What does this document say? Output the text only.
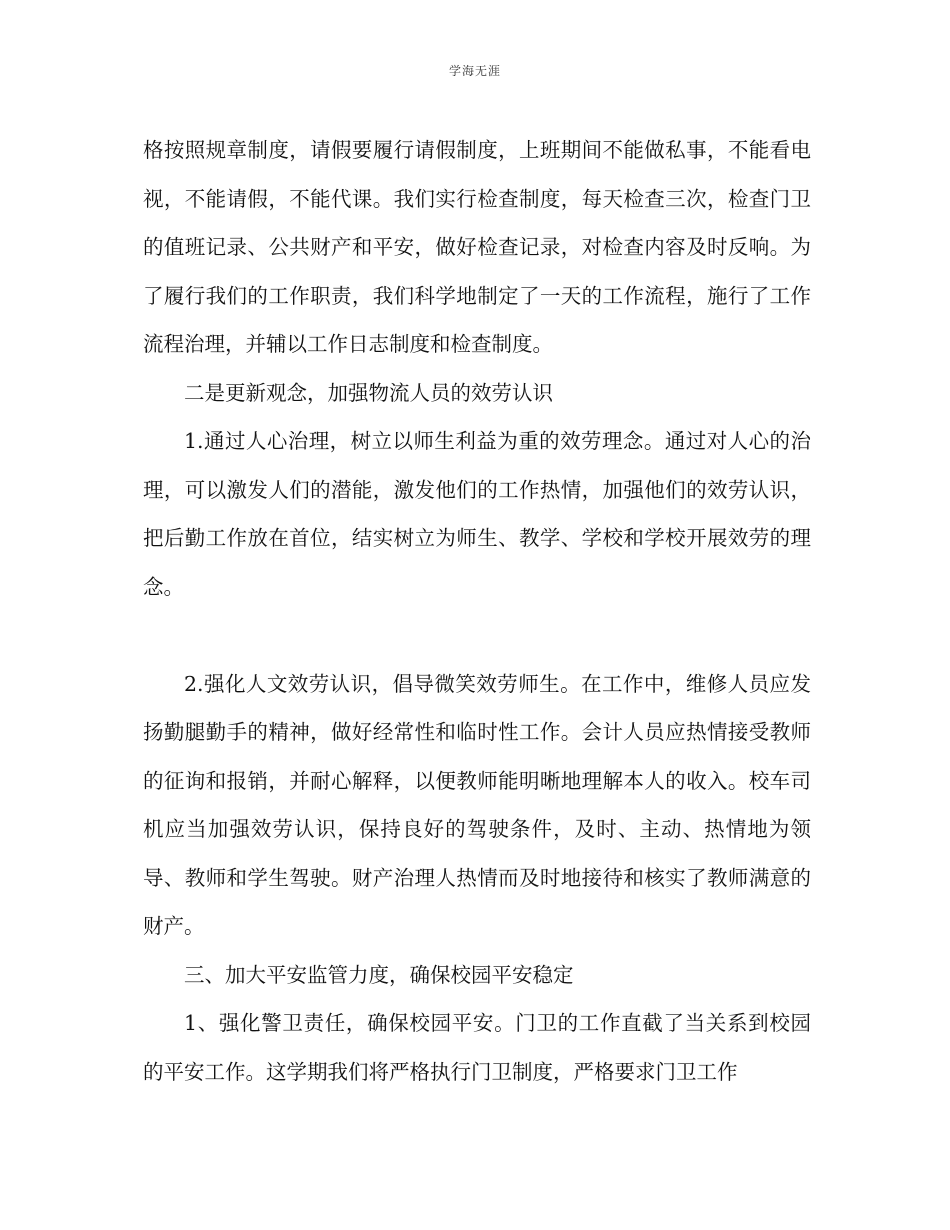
学海无涯

格按照规章制度，请假要履行请假制度，上班期间不能做私事，不能看电视，不能请假，不能代课。我们实行检查制度，每天检查三次，检查门卫的值班记录、公共财产和平安，做好检查记录，对检查内容及时反响。为了履行我们的工作职责，我们科学地制定了一天的工作流程，施行了工作流程治理，并辅以工作日志制度和检查制度。

二是更新观念，加强物流人员的效劳认识

1.通过人心治理，树立以师生利益为重的效劳理念。通过对人心的治理，可以激发人们的潜能，激发他们的工作热情，加强他们的效劳认识，把后勤工作放在首位，结实树立为师生、教学、学校和学校开展效劳的理念。

2.强化人文效劳认识，倡导微笑效劳师生。在工作中，维修人员应发扬勤腿勤手的精神，做好经常性和临时性工作。会计人员应热情接受教师的征询和报销，并耐心解释，以便教师能明晰地理解本人的收入。校车司机应当加强效劳认识，保持良好的驾驶条件，及时、主动、热情地为领导、教师和学生驾驶。财产治理人热情而及时地接待和核实了教师满意的财产。

三、加大平安监管力度，确保校园平安稳定

1、强化警卫责任，确保校园平安。门卫的工作直截了当关系到校园的平安工作。这学期我们将严格执行门卫制度，严格要求门卫工作
